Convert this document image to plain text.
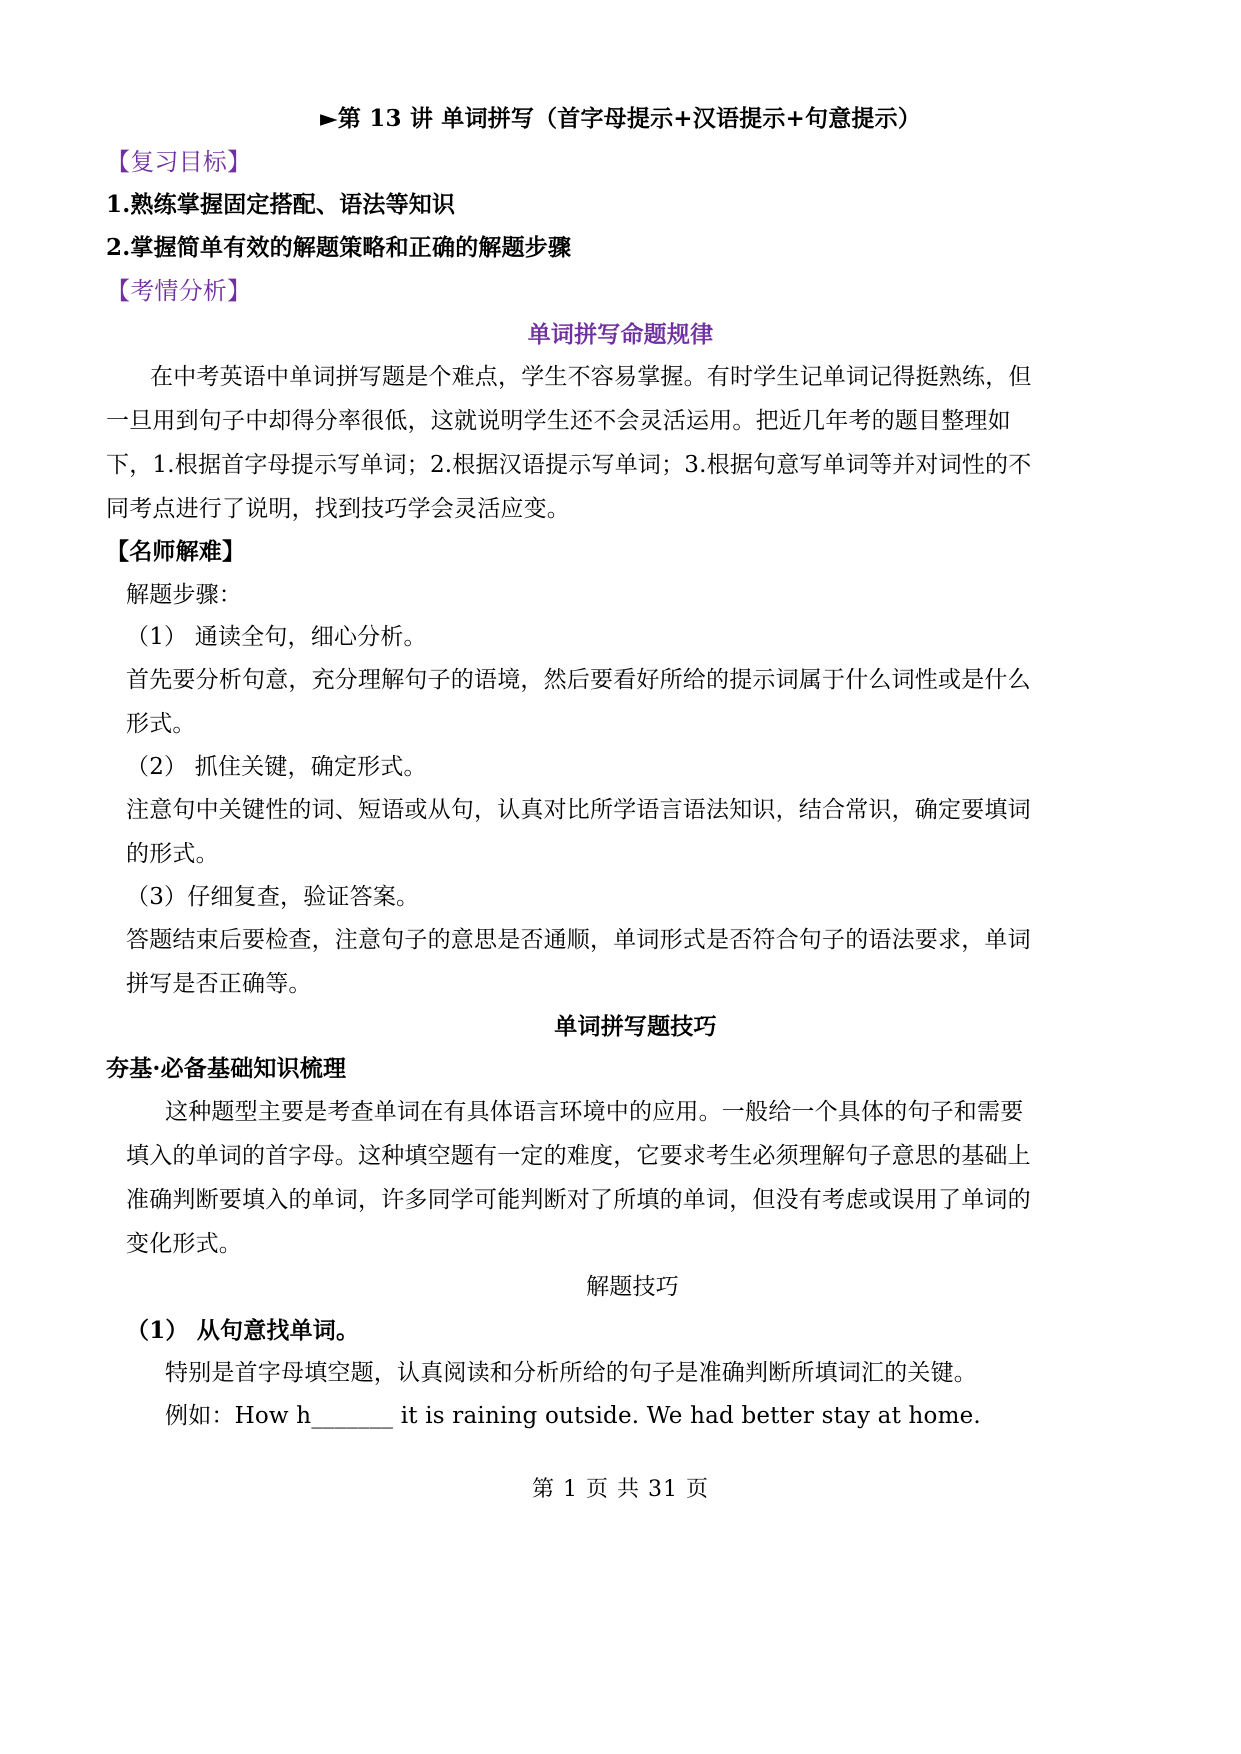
►第 13 讲 单词拼写（首字母提示+汉语提示+句意提示）
【复习目标】
1.熟练掌握固定搭配、语法等知识
2.掌握简单有效的解题策略和正确的解题步骤
【考情分析】
单词拼写命题规律
在中考英语中单词拼写题是个难点，学生不容易掌握。有时学生记单词记得挺熟练，但
一旦用到句子中却得分率很低，这就说明学生还不会灵活运用。把近几年考的题目整理如
下，1.根据首字母提示写单词；2.根据汉语提示写单词；3.根据句意写单词等并对词性的不
同考点进行了说明，找到技巧学会灵活应变。
【名师解难】
解题步骤：
（1） 通读全句，细心分析。
首先要分析句意，充分理解句子的语境，然后要看好所给的提示词属于什么词性或是什么
形式。
（2） 抓住关键，确定形式。
注意句中关键性的词、短语或从句，认真对比所学语言语法知识，结合常识，确定要填词
的形式。
（3）仔细复查，验证答案。
答题结束后要检查，注意句子的意思是否通顺，单词形式是否符合句子的语法要求，单词
拼写是否正确等。
单词拼写题技巧
夯基·必备基础知识梳理
这种题型主要是考查单词在有具体语言环境中的应用。一般给一个具体的句子和需要
填入的单词的首字母。这种填空题有一定的难度，它要求考生必须理解句子意思的基础上
准确判断要填入的单词，许多同学可能判断对了所填的单词，但没有考虑或误用了单词的
变化形式。
解题技巧
（1） 从句意找单词。
特别是首字母填空题，认真阅读和分析所给的句子是准确判断所填词汇的关键。
例如：How h_______ it is raining outside. We had better stay at home.
第 1 页 共 31 页
